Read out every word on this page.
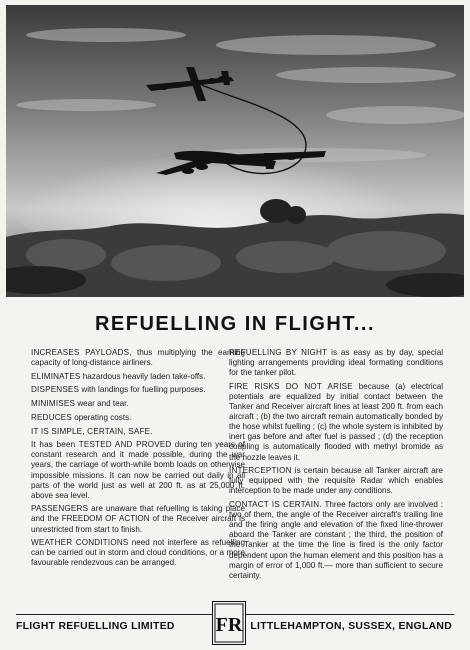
REFUELLING IN FLIGHT...

INCREASES PAYLOADS, thus multiplying the earning capacity of long-distance airliners.

ELIMINATES hazardous heavily laden take-offs.

DISPENSES with landings for fuelling purposes.

MINIMISES wear and tear.

REDUCES operating costs.

IT IS SIMPLE, CERTAIN, SAFE.

It has been TESTED AND PROVED during ten years of constant research and it made possible, during the war years, the carriage of worth-while bomb loads on otherwise impossible missions. It can now be carried out daily in all parts of the world just as well at 200 ft. as at 25,000 ft. above sea level.

PASSENGERS are unaware that refuelling is taking place and the FREEDOM OF ACTION of the Receiver aircraft is unrestricted from start to finish.

WEATHER CONDITIONS need not interfere as refuelling can be carried out in storm and cloud conditions, or a more favourable rendezvous can be arranged.

REFUELLING BY NIGHT is as easy as by day, special lighting arrangements providing ideal formating conditions for the tanker pilot.

FIRE RISKS DO NOT ARISE because (a) electrical potentials are equalized by initial contact between the Tanker and Receiver aircraft lines at least 200 ft. from each aircraft ; (b) the two aircraft remain automatically bonded by the hose whilst fuelling ; (c) the whole system is inhibited by inert gas before and after fuel is passed ; (d) the reception coupling is automatically flooded with methyl bromide as the nozzle leaves it.

INTERCEPTION is certain because all Tanker aircraft are fully equipped with the requisite Radar which enables interception to be made under any conditions.

CONTACT IS CERTAIN. Three factors only are involved : two of them, the angle of the Receiver aircraft's trailing line and the firing angle and elevation of the fixed line-thrower aboard the Tanker are constant ; the third, the position of the Tanker at the time the line is fired is the only factor dependent upon the human element and this position has a margin of error of 1,000 ft.— more than sufficient to secure certainty.

FLIGHT REFUELLING LIMITED	LITTLEHAMPTON, SUSSEX, ENGLAND
FR
